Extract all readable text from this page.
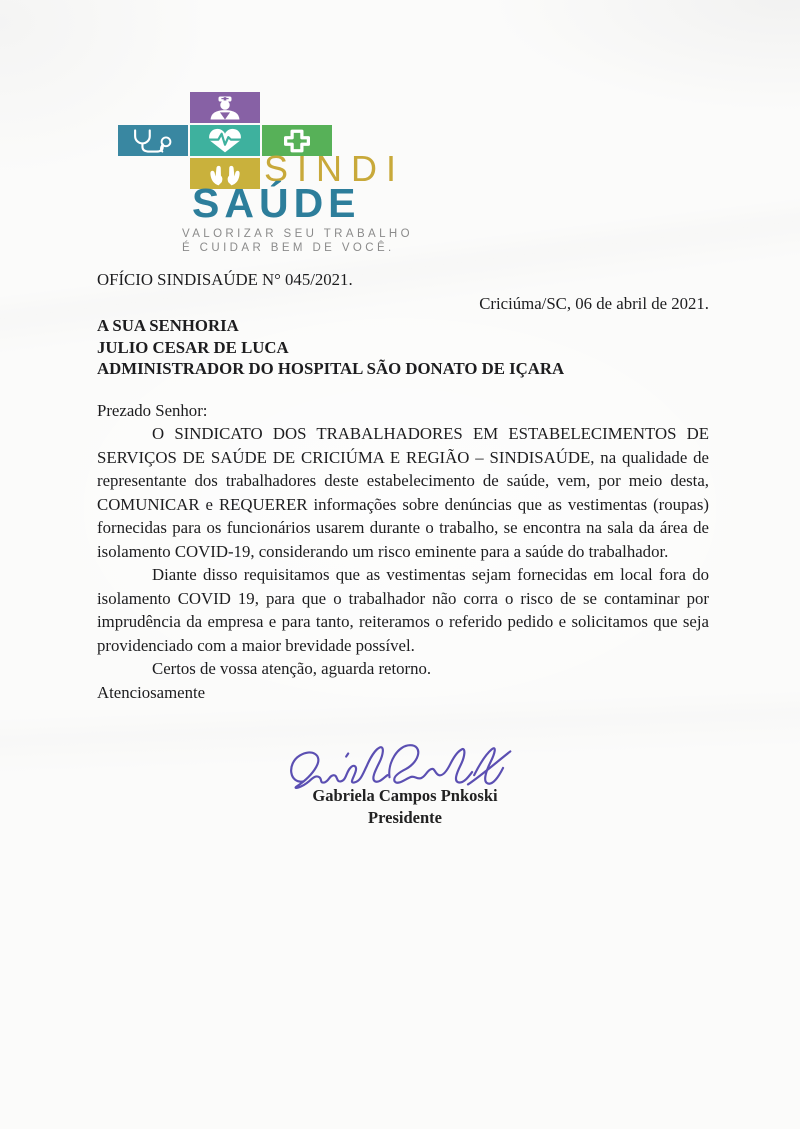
SINDI
SAÚDE
VALORIZAR SEU TRABALHO
É CUIDAR BEM DE VOCÊ.

OFÍCIO SINDISAÚDE N° 045/2021.

Criciúma/SC, 06 de abril de 2021.

A SUA SENHORIA
JULIO CESAR DE LUCA
ADMINISTRADOR DO HOSPITAL SÃO DONATO DE IÇARA

Prezado Senhor:

O SINDICATO DOS TRABALHADORES EM ESTABELECIMENTOS DE SERVIÇOS DE SAÚDE DE CRICIÚMA E REGIÃO – SINDISAÚDE, na qualidade de representante dos trabalhadores deste estabelecimento de saúde, vem, por meio desta, COMUNICAR e REQUERER informações sobre denúncias que as vestimentas (roupas) fornecidas para os funcionários usarem durante o trabalho, se encontra na sala da área de isolamento COVID-19, considerando um risco eminente para a saúde do trabalhador.

Diante disso requisitamos que as vestimentas sejam fornecidas em local fora do isolamento COVID 19, para que o trabalhador não corra o risco de se contaminar por imprudência da empresa e para tanto, reiteramos o referido pedido e solicitamos que seja providenciado com a maior brevidade possível.

Certos de vossa atenção, aguarda retorno.

Atenciosamente

Gabriela Campos Pnkoski
Presidente
